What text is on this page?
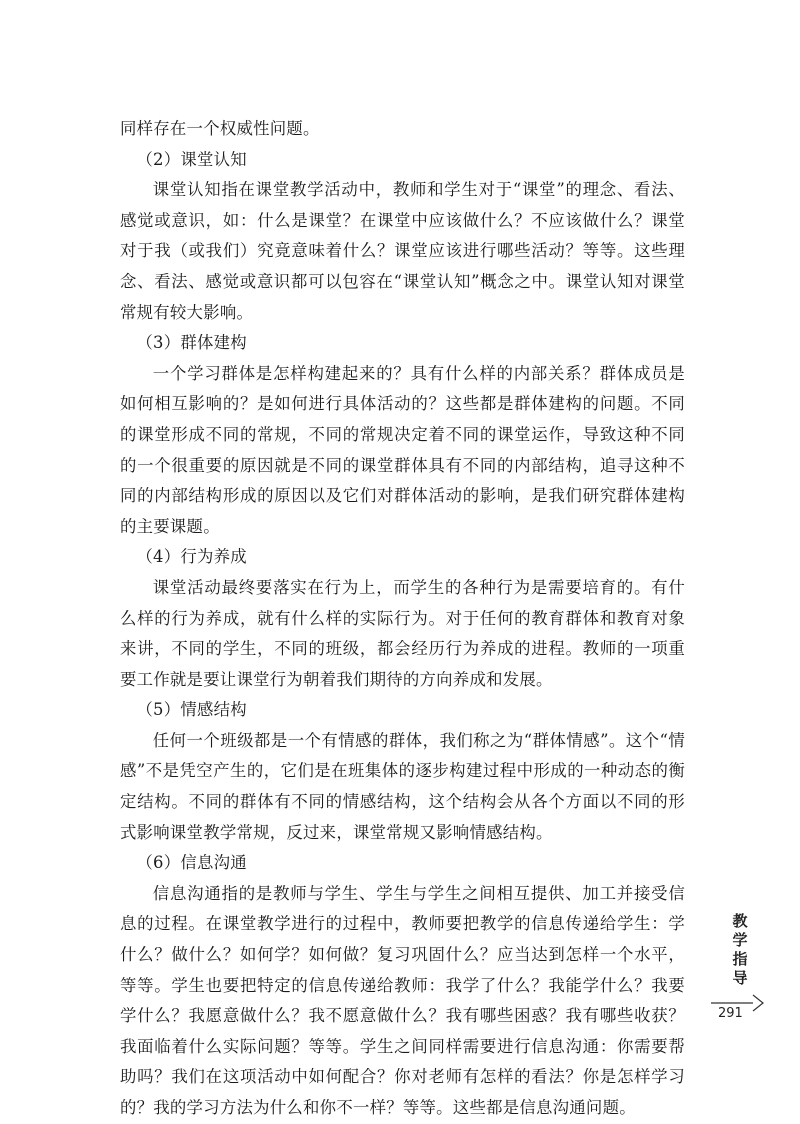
同样存在一个权威性问题。

（2）课堂认知

课堂认知指在课堂教学活动中，教师和学生对于“课堂”的理念、看法、感觉或意识，如：什么是课堂？在课堂中应该做什么？不应该做什么？课堂对于我（或我们）究竟意味着什么？课堂应该进行哪些活动？等等。这些理念、看法、感觉或意识都可以包容在“课堂认知”概念之中。课堂认知对课堂常规有较大影响。

（3）群体建构

一个学习群体是怎样构建起来的？具有什么样的内部关系？群体成员是如何相互影响的？是如何进行具体活动的？这些都是群体建构的问题。不同的课堂形成不同的常规，不同的常规决定着不同的课堂运作，导致这种不同的一个很重要的原因就是不同的课堂群体具有不同的内部结构，追寻这种不同的内部结构形成的原因以及它们对群体活动的影响，是我们研究群体建构的主要课题。

（4）行为养成

课堂活动最终要落实在行为上，而学生的各种行为是需要培育的。有什么样的行为养成，就有什么样的实际行为。对于任何的教育群体和教育对象来讲，不同的学生，不同的班级，都会经历行为养成的进程。教师的一项重要工作就是要让课堂行为朝着我们期待的方向养成和发展。

（5）情感结构

任何一个班级都是一个有情感的群体，我们称之为“群体情感”。这个“情感”不是凭空产生的，它们是在班集体的逐步构建过程中形成的一种动态的衡定结构。不同的群体有不同的情感结构，这个结构会从各个方面以不同的形式影响课堂教学常规，反过来，课堂常规又影响情感结构。

（6）信息沟通

信息沟通指的是教师与学生、学生与学生之间相互提供、加工并接受信息的过程。在课堂教学进行的过程中，教师要把教学的信息传递给学生：学什么？做什么？如何学？如何做？复习巩固什么？应当达到怎样一个水平，等等。学生也要把特定的信息传递给教师：我学了什么？我能学什么？我要学什么？我愿意做什么？我不愿意做什么？我有哪些困惑？我有哪些收获？我面临着什么实际问题？等等。学生之间同样需要进行信息沟通：你需要帮助吗？我们在这项活动中如何配合？你对老师有怎样的看法？你是怎样学习的？我的学习方法为什么和你不一样？等等。这些都是信息沟通问题。

教
学
指
导
291
